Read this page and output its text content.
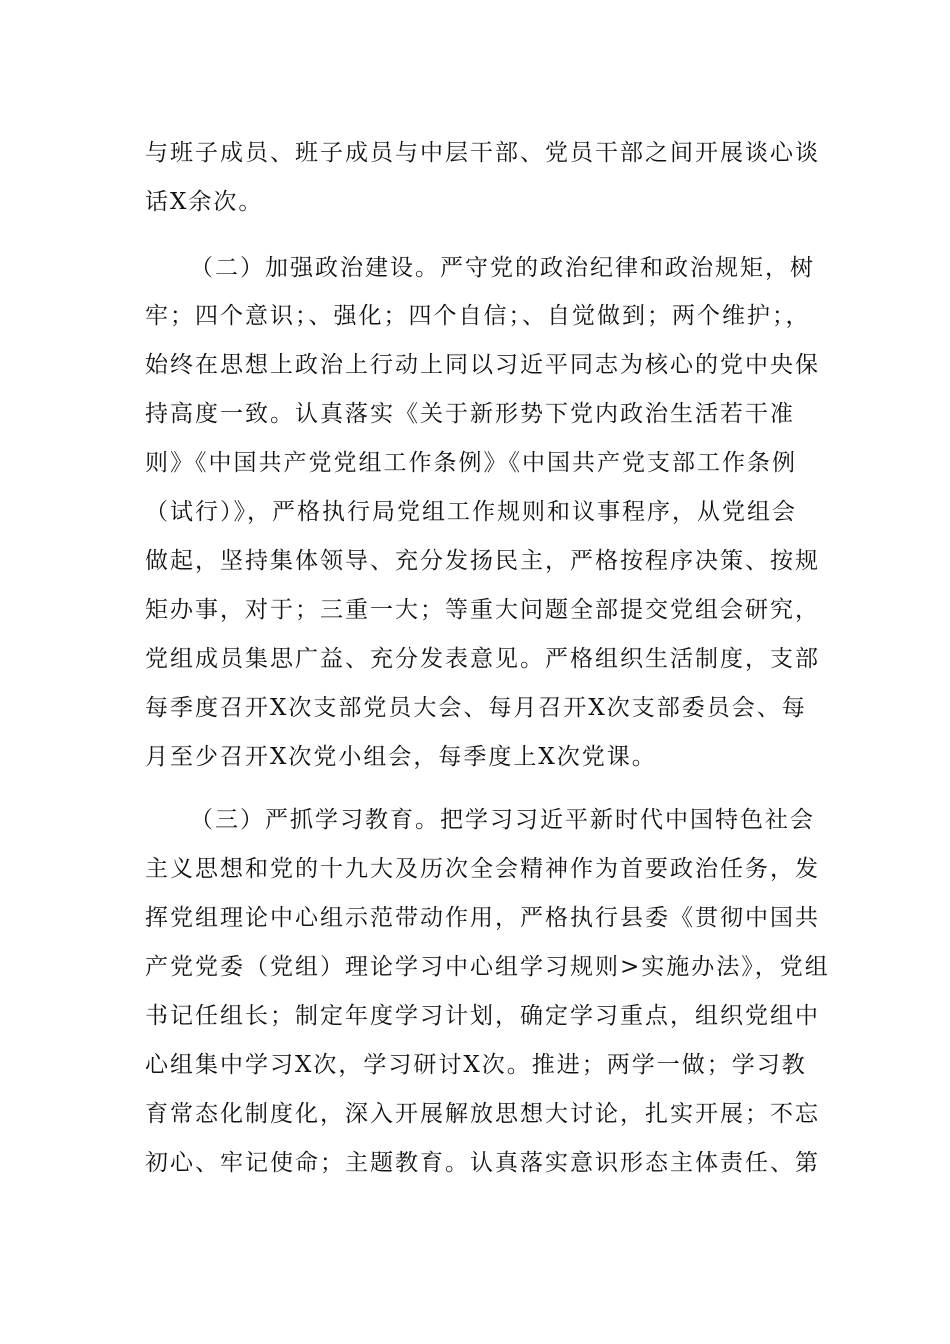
与班子成员、班子成员与中层干部、党员干部之间开展谈心谈
话X余次。
（二）加强政治建设。严守党的政治纪律和政治规矩，树
牢；四个意识；、强化；四个自信；、自觉做到；两个维护；，
始终在思想上政治上行动上同以习近平同志为核心的党中央保
持高度一致。认真落实《关于新形势下党内政治生活若干准
则》《中国共产党党组工作条例》《中国共产党支部工作条例
（试行）》，严格执行局党组工作规则和议事程序，从党组会
做起，坚持集体领导、充分发扬民主，严格按程序决策、按规
矩办事，对于；三重一大；等重大问题全部提交党组会研究，
党组成员集思广益、充分发表意见。严格组织生活制度，支部
每季度召开X次支部党员大会、每月召开X次支部委员会、每
月至少召开X次党小组会，每季度上X次党课。
（三）严抓学习教育。把学习习近平新时代中国特色社会
主义思想和党的十九大及历次全会精神作为首要政治任务，发
挥党组理论中心组示范带动作用，严格执行县委《贯彻中国共
产党党委（党组）理论学习中心组学习规则>实施办法》，党组
书记任组长；制定年度学习计划，确定学习重点，组织党组中
心组集中学习X次，学习研讨X次。推进；两学一做；学习教
育常态化制度化，深入开展解放思想大讨论，扎实开展；不忘
初心、牢记使命；主题教育。认真落实意识形态主体责任、第
